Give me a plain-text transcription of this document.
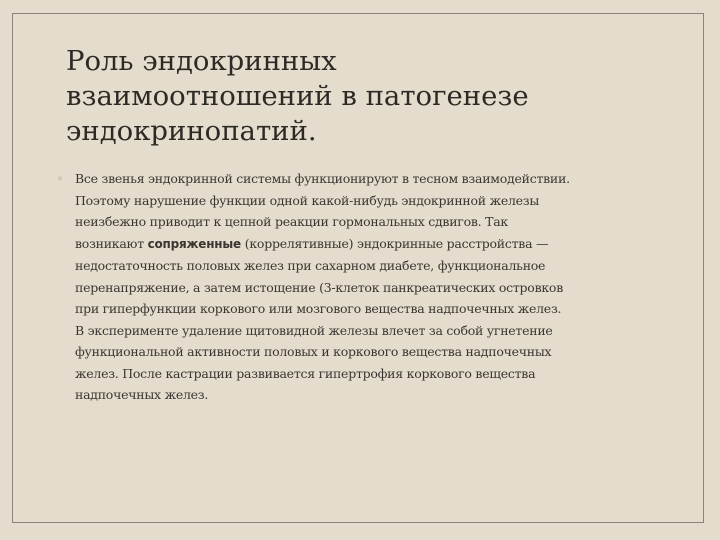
Роль эндокринных
взаимоотношений в патогенезе
эндокринопатий.
◦ Все звенья эндокринной системы функционируют в тесном взаимодействии.
Поэтому нарушение функции одной какой-нибудь эндокринной железы
неизбежно приводит к цепной реакции гормональных сдвигов. Так
возникают сопряженные (коррелятивные) эндокринные расстройства —
недостаточность половых желез при сахарном диабете, функциональное
перенапряжение, а затем истощение (3-клеток панкреатических островков
при гиперфункции коркового или мозгового вещества надпочечных желез.
В эксперименте удаление щитовидной железы влечет за собой угнетение
функциональной активности половых и коркового вещества надпочечных
желез. После кастрации развивается гипертрофия коркового вещества
надпочечных желез.
